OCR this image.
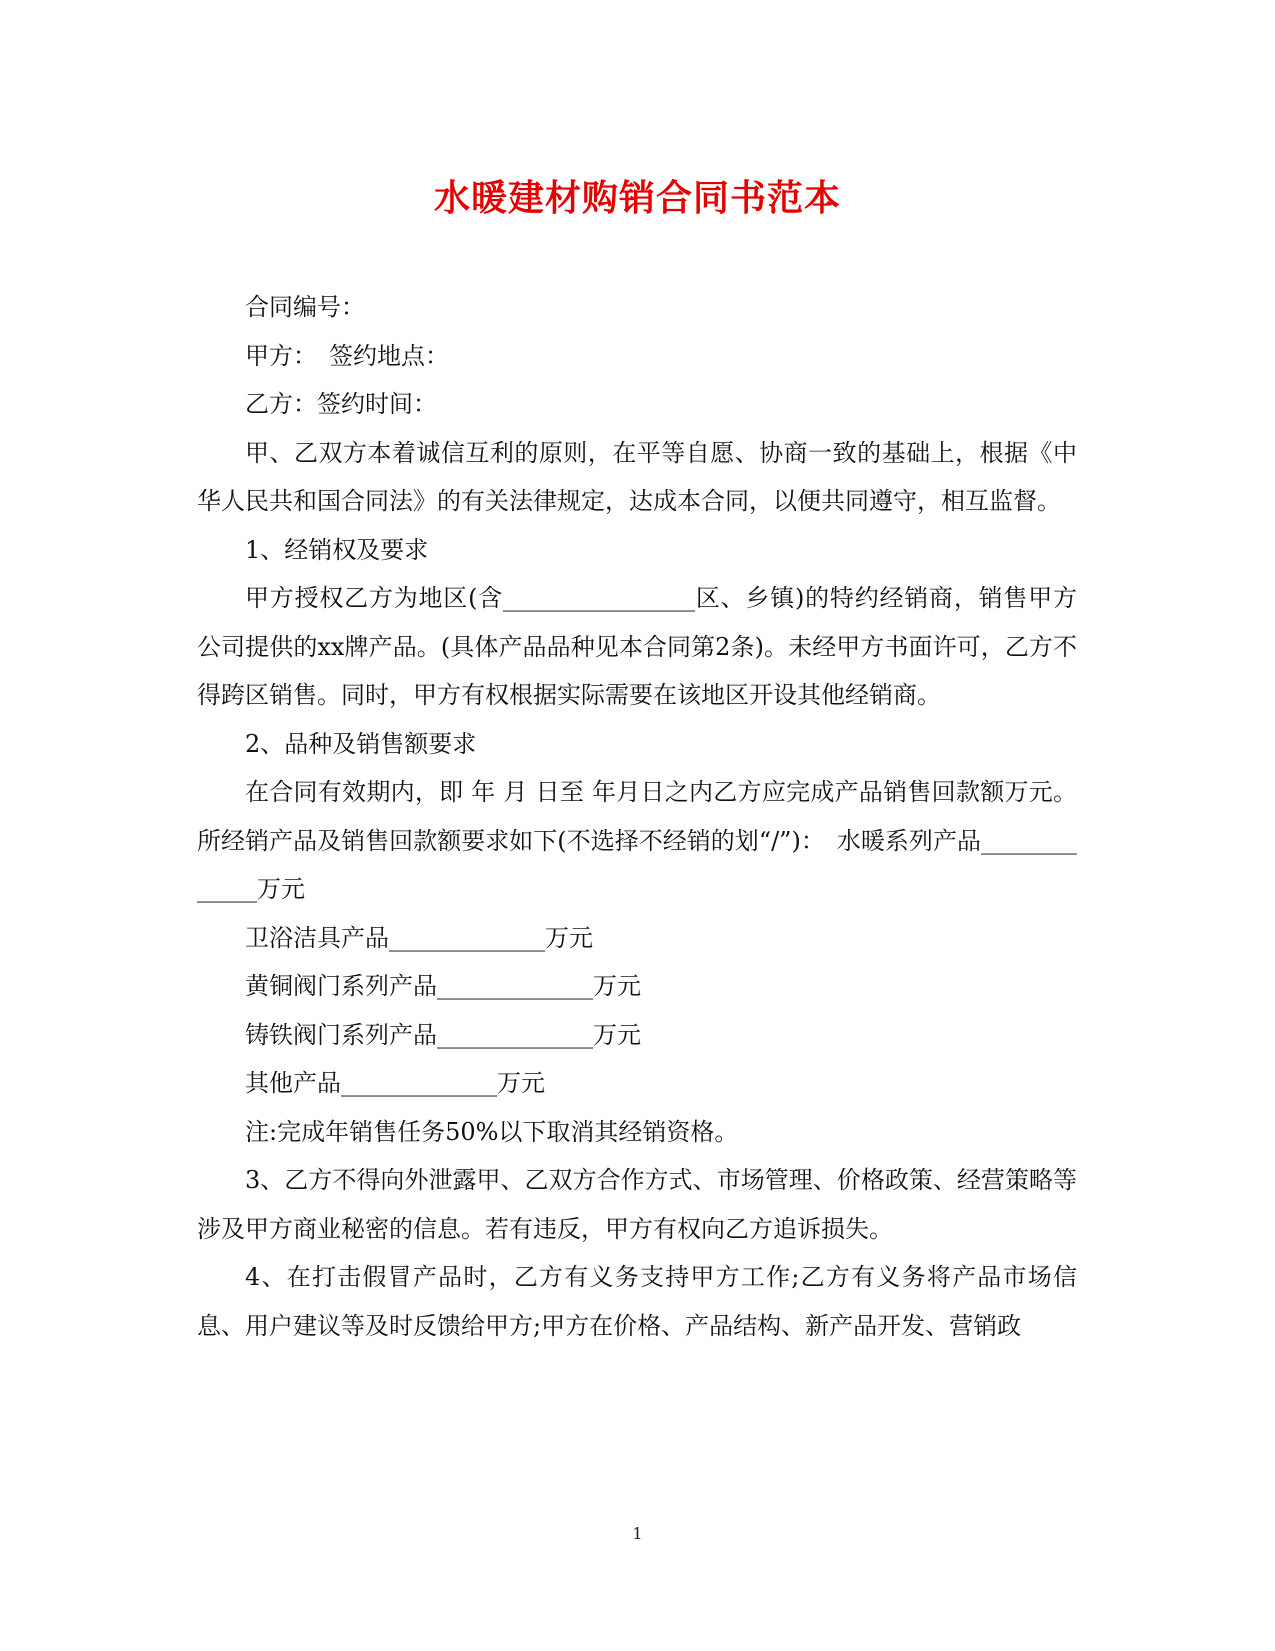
水暖建材购销合同书范本

合同编号：

甲方：　签约地点：

乙方：签约时间：

甲、乙双方本着诚信互利的原则，在平等自愿、协商一致的基础上，根据《中华人民共和国合同法》的有关法律规定，达成本合同，以便共同遵守，相互监督。

1、经销权及要求

甲方授权乙方为地区(含________________区、乡镇)的特约经销商，销售甲方公司提供的xx牌产品。(具体产品品种见本合同第2条)。未经甲方书面许可，乙方不得跨区销售。同时，甲方有权根据实际需要在该地区开设其他经销商。

2、品种及销售额要求

在合同有效期内，即 年 月 日至 年月日之内乙方应完成产品销售回款额万元。所经销产品及销售回款额要求如下(不选择不经销的划“/”)：　水暖系列产品_____________万元

卫浴洁具产品_____________万元

黄铜阀门系列产品_____________万元

铸铁阀门系列产品_____________万元

其他产品_____________万元

注:完成年销售任务50%以下取消其经销资格。

3、乙方不得向外泄露甲、乙双方合作方式、市场管理、价格政策、经营策略等涉及甲方商业秘密的信息。若有违反，甲方有权向乙方追诉损失。

4、在打击假冒产品时，乙方有义务支持甲方工作;乙方有义务将产品市场信息、用户建议等及时反馈给甲方;甲方在价格、产品结构、新产品开发、营销政

1
